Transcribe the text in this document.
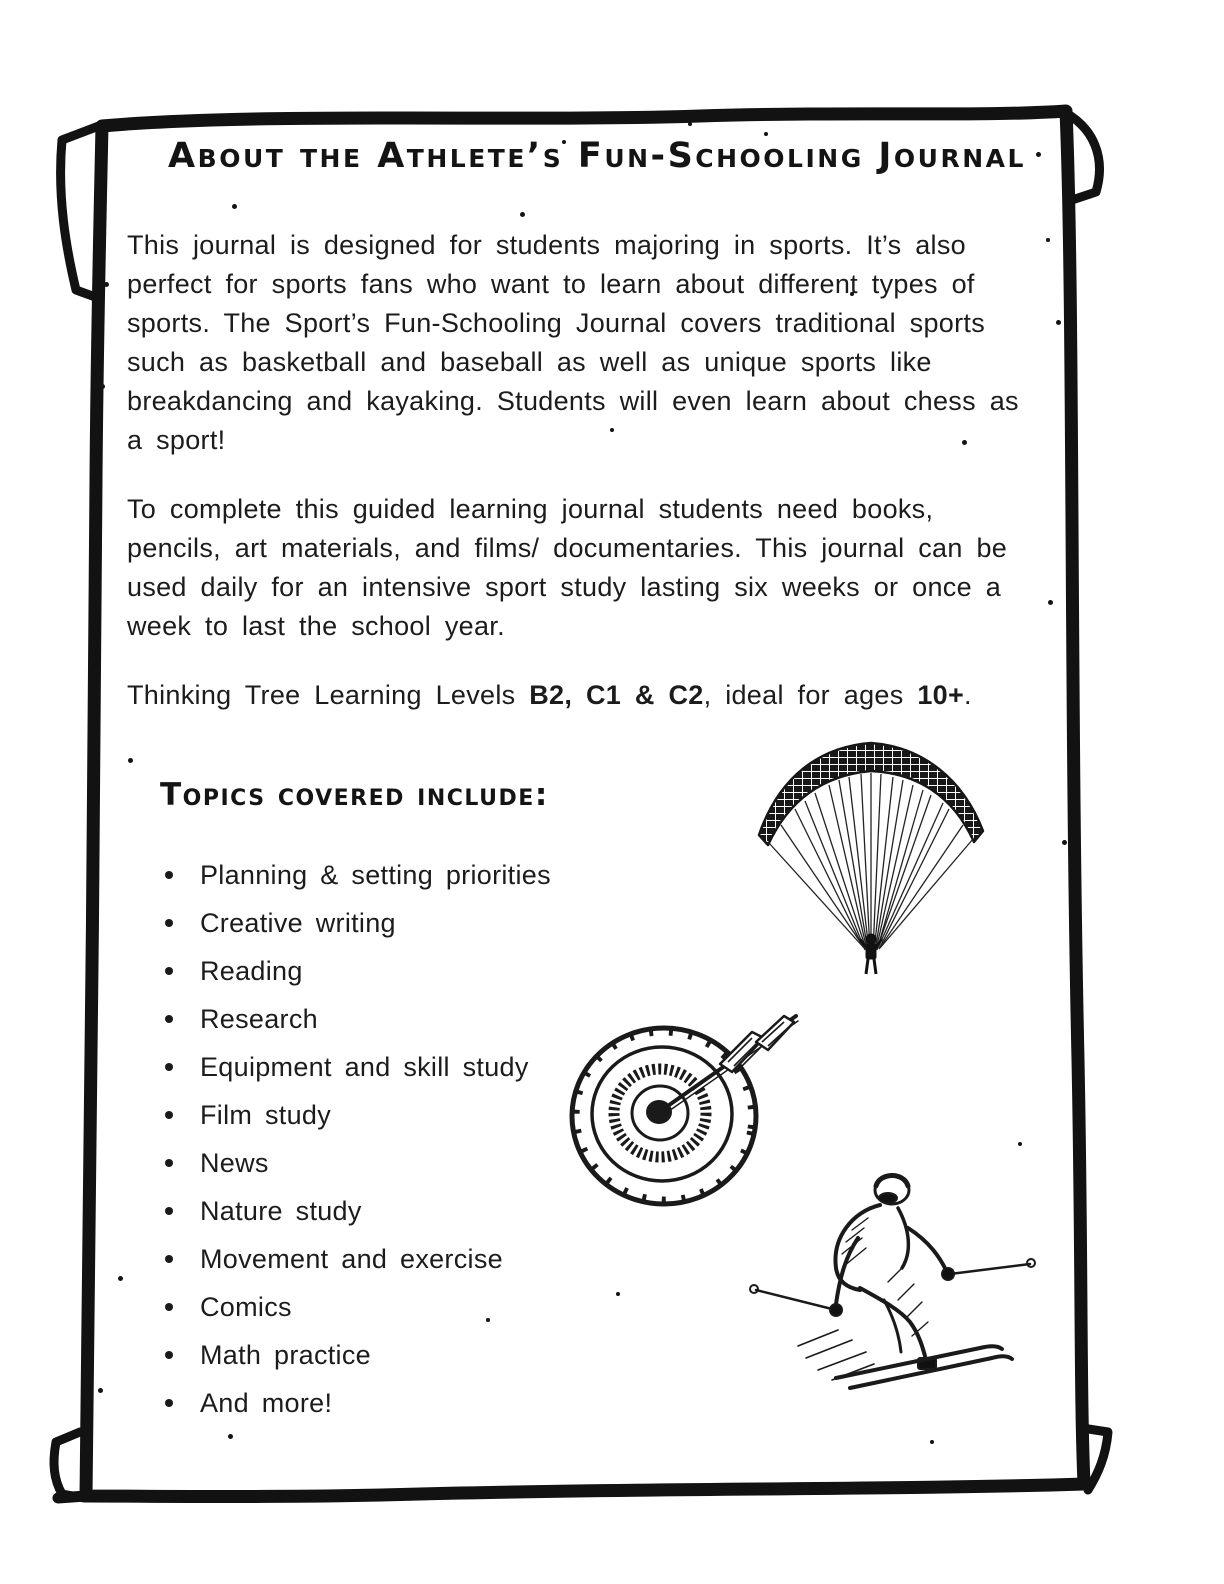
About the Athlete’s Fun-Schooling Journal

This journal is designed for students majoring in sports. It’s also perfect for sports fans who want to learn about different types of sports. The Sport’s Fun-Schooling Journal covers traditional sports such as basketball and baseball as well as unique sports like breakdancing and kayaking. Students will even learn about chess as a sport!

To complete this guided learning journal students need books, pencils, art materials, and films/ documentaries. This journal can be used daily for an intensive sport study lasting six weeks or once a week to last the school year.

Thinking Tree Learning Levels B2, C1 & C2, ideal for ages 10+.

Topics covered include:
Planning & setting priorities
Creative writing
Reading
Research
Equipment and skill study
Film study
News
Nature study
Movement and exercise
Comics
Math practice
And more!
